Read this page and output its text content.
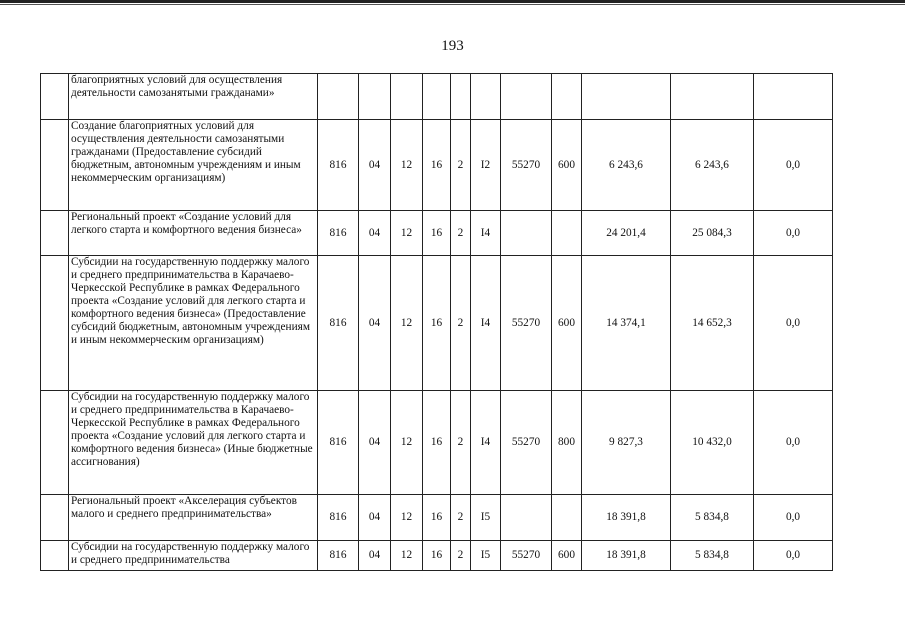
193
	благоприятных условий для осуществления деятельности самозанятыми гражданами»											
	Создание благоприятных условий для осуществления деятельности самозанятыми гражданами (Предоставление субсидий бюджетным, автономным учреждениям и иным некоммерческим организациям)	816	04	12	16	2	I2	55270	600	6 243,6	6 243,6	0,0
	Региональный проект «Создание условий для легкого старта и комфортного ведения бизнеса»	816	04	12	16	2	I4			24 201,4	25 084,3	0,0
	Субсидии на государственную поддержку малого и среднего предпринимательства в Карачаево-Черкесской Республике в рамках Федерального проекта «Создание условий для легкого старта и комфортного ведения бизнеса» (Предоставление субсидий бюджетным, автономным учреждениям и иным некоммерческим организациям)	816	04	12	16	2	I4	55270	600	14 374,1	14 652,3	0,0
	Субсидии на государственную поддержку малого и среднего предпринимательства в Карачаево-Черкесской Республике в рамках Федерального проекта «Создание условий для легкого старта и комфортного ведения бизнеса» (Иные бюджетные ассигнования)	816	04	12	16	2	I4	55270	800	9 827,3	10 432,0	0,0
	Региональный проект «Акселерация субъектов малого и среднего предпринимательства»	816	04	12	16	2	I5			18 391,8	5 834,8	0,0
	Субсидии на государственную поддержку малого и среднего предпринимательства	816	04	12	16	2	I5	55270	600	18 391,8	5 834,8	0,0
